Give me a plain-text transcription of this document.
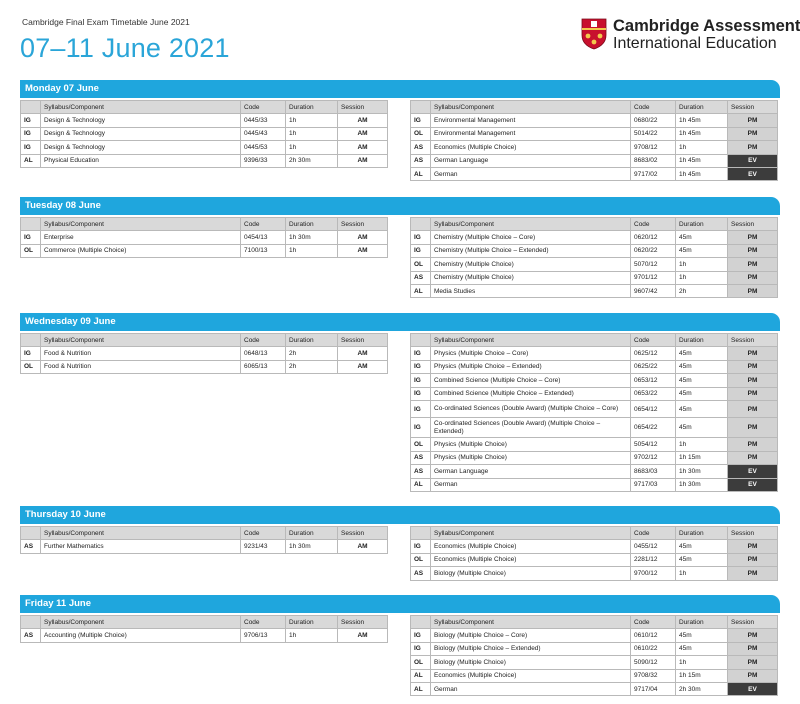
Cambridge Final Exam Timetable June 2021
07–11 June 2021
Cambridge Assessment
International Education
Monday 07 June
	Syllabus/Component	Code	Duration	Session
IG	Design & Technology	0445/33	1h	AM
IG	Design & Technology	0445/43	1h	AM
IG	Design & Technology	0445/53	1h	AM
AL	Physical Education	9396/33	2h 30m	AM
	Syllabus/Component	Code	Duration	Session
IG	Environmental Management	0680/22	1h 45m	PM
OL	Environmental Management	5014/22	1h 45m	PM
AS	Economics (Multiple Choice)	9708/12	1h	PM
AS	German Language	8683/02	1h 45m	EV
AL	German	9717/02	1h 45m	EV
Tuesday 08 June
	Syllabus/Component	Code	Duration	Session
IG	Enterprise	0454/13	1h 30m	AM
OL	Commerce (Multiple Choice)	7100/13	1h	AM
	Syllabus/Component	Code	Duration	Session
IG	Chemistry (Multiple Choice – Core)	0620/12	45m	PM
IG	Chemistry (Multiple Choice – Extended)	0620/22	45m	PM
OL	Chemistry (Multiple Choice)	5070/12	1h	PM
AS	Chemistry (Multiple Choice)	9701/12	1h	PM
AL	Media Studies	9607/42	2h	PM
Wednesday 09 June
	Syllabus/Component	Code	Duration	Session
IG	Food & Nutrition	0648/13	2h	AM
OL	Food & Nutrition	6065/13	2h	AM
	Syllabus/Component	Code	Duration	Session
IG	Physics (Multiple Choice – Core)	0625/12	45m	PM
IG	Physics (Multiple Choice – Extended)	0625/22	45m	PM
IG	Combined Science (Multiple Choice – Core)	0653/12	45m	PM
IG	Combined Science (Multiple Choice – Extended)	0653/22	45m	PM
IG	Co-ordinated Sciences (Double Award) (Multiple Choice – Core)	0654/12	45m	PM
IG	Co-ordinated Sciences (Double Award) (Multiple Choice – Extended)	0654/22	45m	PM
OL	Physics (Multiple Choice)	5054/12	1h	PM
AS	Physics (Multiple Choice)	9702/12	1h 15m	PM
AS	German Language	8683/03	1h 30m	EV
AL	German	9717/03	1h 30m	EV
Thursday 10 June
	Syllabus/Component	Code	Duration	Session
AS	Further Mathematics	9231/43	1h 30m	AM
	Syllabus/Component	Code	Duration	Session
IG	Economics (Multiple Choice)	0455/12	45m	PM
OL	Economics (Multiple Choice)	2281/12	45m	PM
AS	Biology (Multiple Choice)	9700/12	1h	PM
Friday 11 June
	Syllabus/Component	Code	Duration	Session
AS	Accounting (Multiple Choice)	9706/13	1h	AM
	Syllabus/Component	Code	Duration	Session
IG	Biology (Multiple Choice – Core)	0610/12	45m	PM
IG	Biology (Multiple Choice – Extended)	0610/22	45m	PM
OL	Biology (Multiple Choice)	5090/12	1h	PM
AL	Economics (Multiple Choice)	9708/32	1h 15m	PM
AL	German	9717/04	2h 30m	EV
